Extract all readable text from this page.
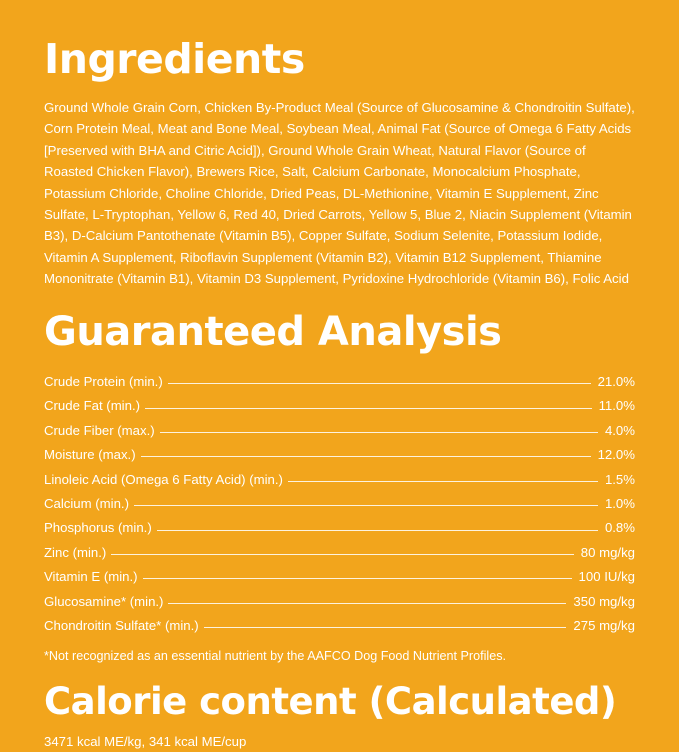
Ingredients

Ground Whole Grain Corn, Chicken By-Product Meal (Source of Glucosamine & Chondroitin Sulfate), Corn Protein Meal, Meat and Bone Meal, Soybean Meal, Animal Fat (Source of Omega 6 Fatty Acids [Preserved with BHA and Citric Acid]), Ground Whole Grain Wheat, Natural Flavor (Source of Roasted Chicken Flavor), Brewers Rice, Salt, Calcium Carbonate, Monocalcium Phosphate, Potassium Chloride, Choline Chloride, Dried Peas, DL-Methionine, Vitamin E Supplement, Zinc Sulfate, L-Tryptophan, Yellow 6, Red 40, Dried Carrots, Yellow 5, Blue 2, Niacin Supplement (Vitamin B3), D-Calcium Pantothenate (Vitamin B5), Copper Sulfate, Sodium Selenite, Potassium Iodide, Vitamin A Supplement, Riboflavin Supplement (Vitamin B2), Vitamin B12 Supplement, Thiamine Mononitrate (Vitamin B1), Vitamin D3 Supplement, Pyridoxine Hydrochloride (Vitamin B6), Folic Acid

Guaranteed Analysis
Crude Protein (min.)	21.0%
Crude Fat (min.)	11.0%
Crude Fiber (max.)	4.0%
Moisture (max.)	12.0%
Linoleic Acid (Omega 6 Fatty Acid) (min.)	1.5%
Calcium (min.)	1.0%
Phosphorus (min.)	0.8%
Zinc (min.)	80 mg/kg
Vitamin E (min.)	100 IU/kg
Glucosamine* (min.)	350 mg/kg
Chondroitin Sulfate* (min.)	275 mg/kg

*Not recognized as an essential nutrient by the AAFCO Dog Food Nutrient Profiles.

Calorie content (Calculated)

3471 kcal ME/kg, 341 kcal ME/cup
